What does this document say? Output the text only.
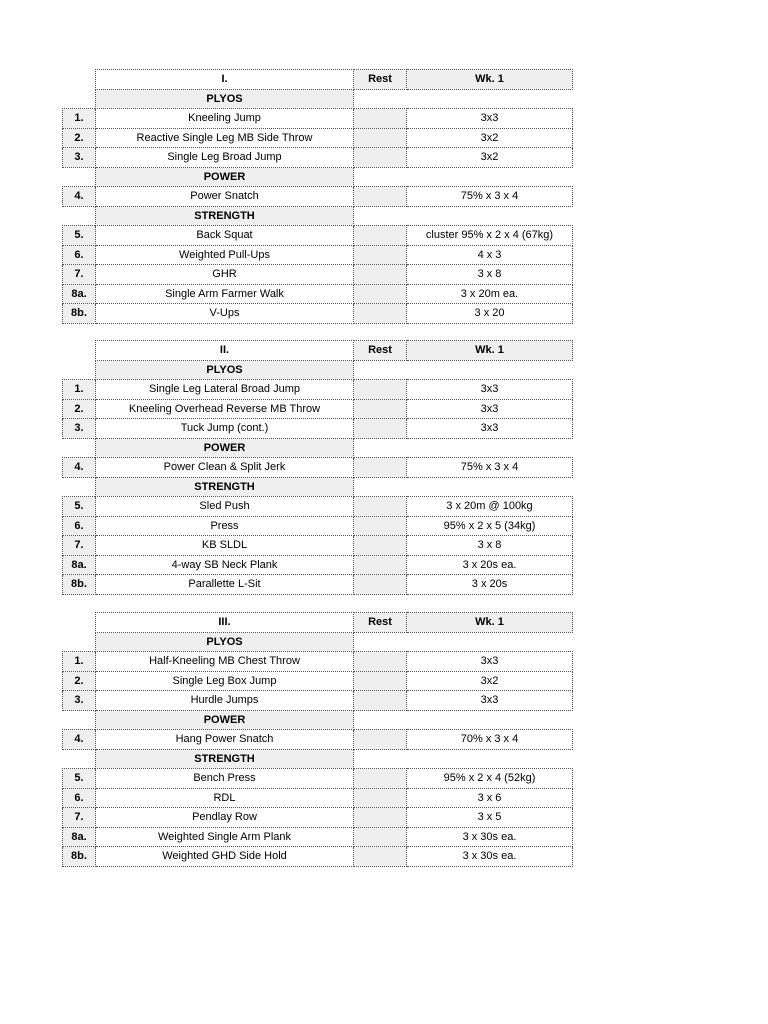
	I.	Rest	Wk. 1
	PLYOS		
1.	Kneeling Jump		3x3
2.	Reactive Single Leg MB Side Throw		3x2
3.	Single Leg Broad Jump		3x2
	POWER		
4.	Power Snatch		75% x 3 x 4
	STRENGTH		
5.	Back Squat		cluster 95% x 2 x 4 (67kg)
6.	Weighted Pull-Ups		4 x 3
7.	GHR		3 x 8
8a.	Single Arm Farmer Walk		3 x 20m ea.
8b.	V-Ups		3 x 20
	II.	Rest	Wk. 1
	PLYOS		
1.	Single Leg Lateral Broad Jump		3x3
2.	Kneeling Overhead Reverse MB Throw		3x3
3.	Tuck Jump (cont.)		3x3
	POWER		
4.	Power Clean & Split Jerk		75% x 3 x 4
	STRENGTH		
5.	Sled Push		3 x 20m @ 100kg
6.	Press		95% x 2 x 5 (34kg)
7.	KB SLDL		3 x 8
8a.	4-way SB Neck Plank		3 x 20s ea.
8b.	Parallette L-Sit		3 x 20s
	III.	Rest	Wk. 1
	PLYOS		
1.	Half-Kneeling MB Chest Throw		3x3
2.	Single Leg Box Jump		3x2
3.	Hurdle Jumps		3x3
	POWER		
4.	Hang Power Snatch		70% x 3 x 4
	STRENGTH		
5.	Bench Press		95% x 2 x 4 (52kg)
6.	RDL		3 x 6
7.	Pendlay Row		3 x 5
8a.	Weighted Single Arm Plank		3 x 30s ea.
8b.	Weighted GHD Side Hold		3 x 30s ea.
